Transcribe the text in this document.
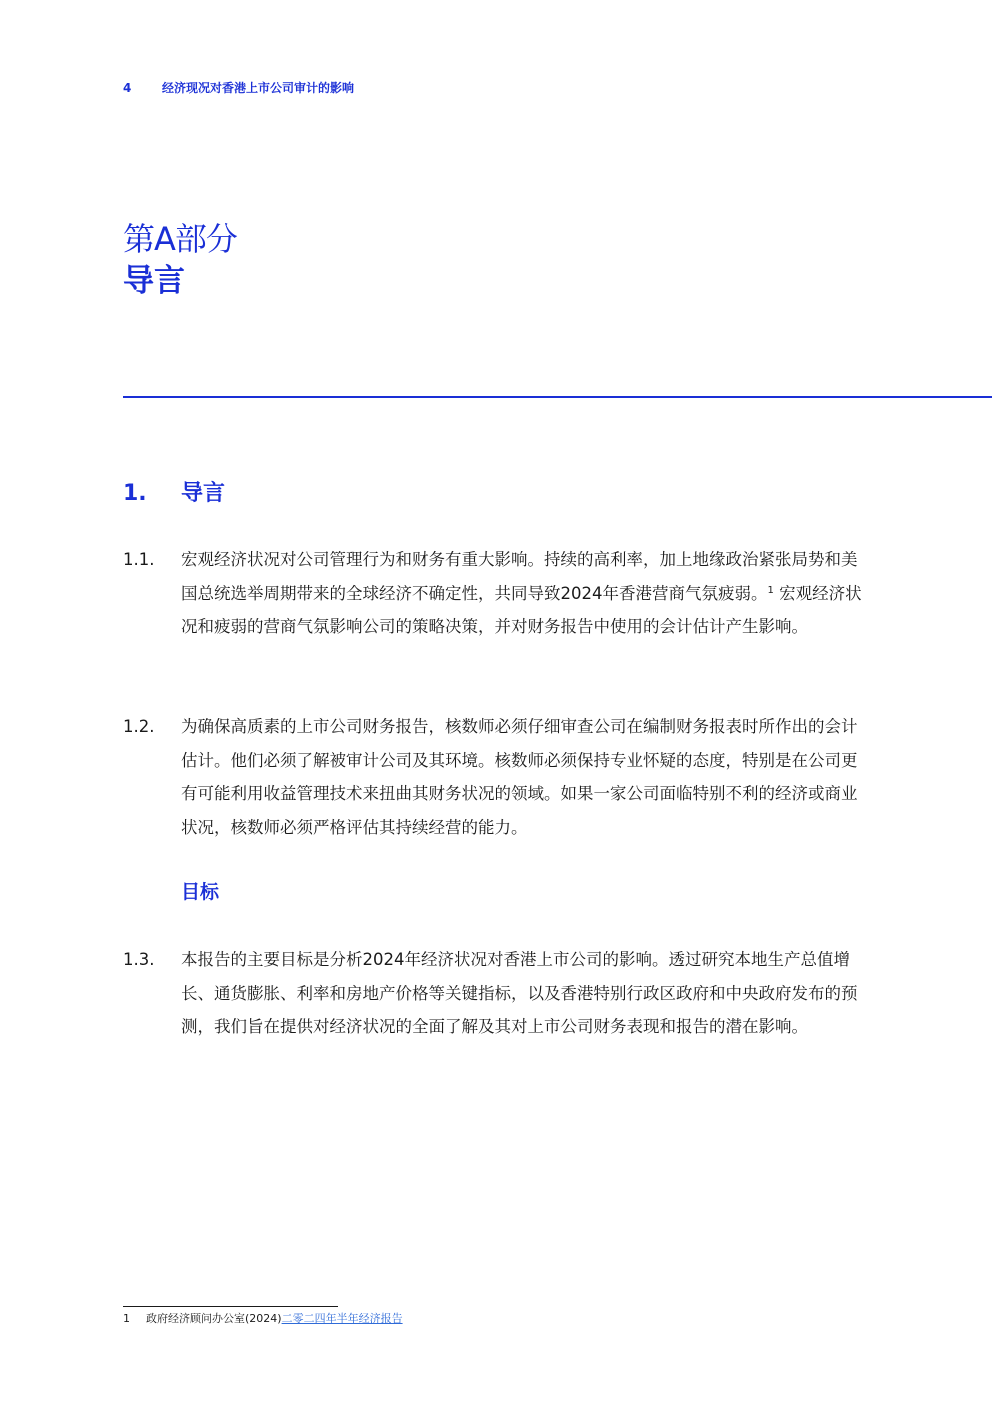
4	经济现况对香港上市公司审计的影响
第A部分
导言
1. 导言
1.1.	宏观经济状况对公司管理行为和财务有重大影响。持续的高利率，加上地缘政治紧张局势和美国总统选举周期带来的全球经济不确定性，共同导致2024年香港营商气氛疲弱。$^1$ 宏观经济状况和疲弱的营商气氛影响公司的策略决策，并对财务报告中使用的会计估计产生影响。
1.2.	为确保高质素的上市公司财务报告，核数师必须仔细审查公司在编制财务报表时所作出的会计估计。他们必须了解被审计公司及其环境。核数师必须保持专业怀疑的态度，特别是在公司更有可能利用收益管理技术来扭曲其财务状况的领域。如果一家公司面临特别不利的经济或商业状况，核数师必须严格评估其持续经营的能力。
目标
1.3.	本报告的主要目标是分析2024年经济状况对香港上市公司的影响。透过研究本地生产总值增长、通货膨胀、利率和房地产价格等关键指标，以及香港特别行政区政府和中央政府发布的预测，我们旨在提供对经济状况的全面了解及其对上市公司财务表现和报告的潜在影响。
1 政府经济顾问办公室(2024)二零二四年半年经济报告
